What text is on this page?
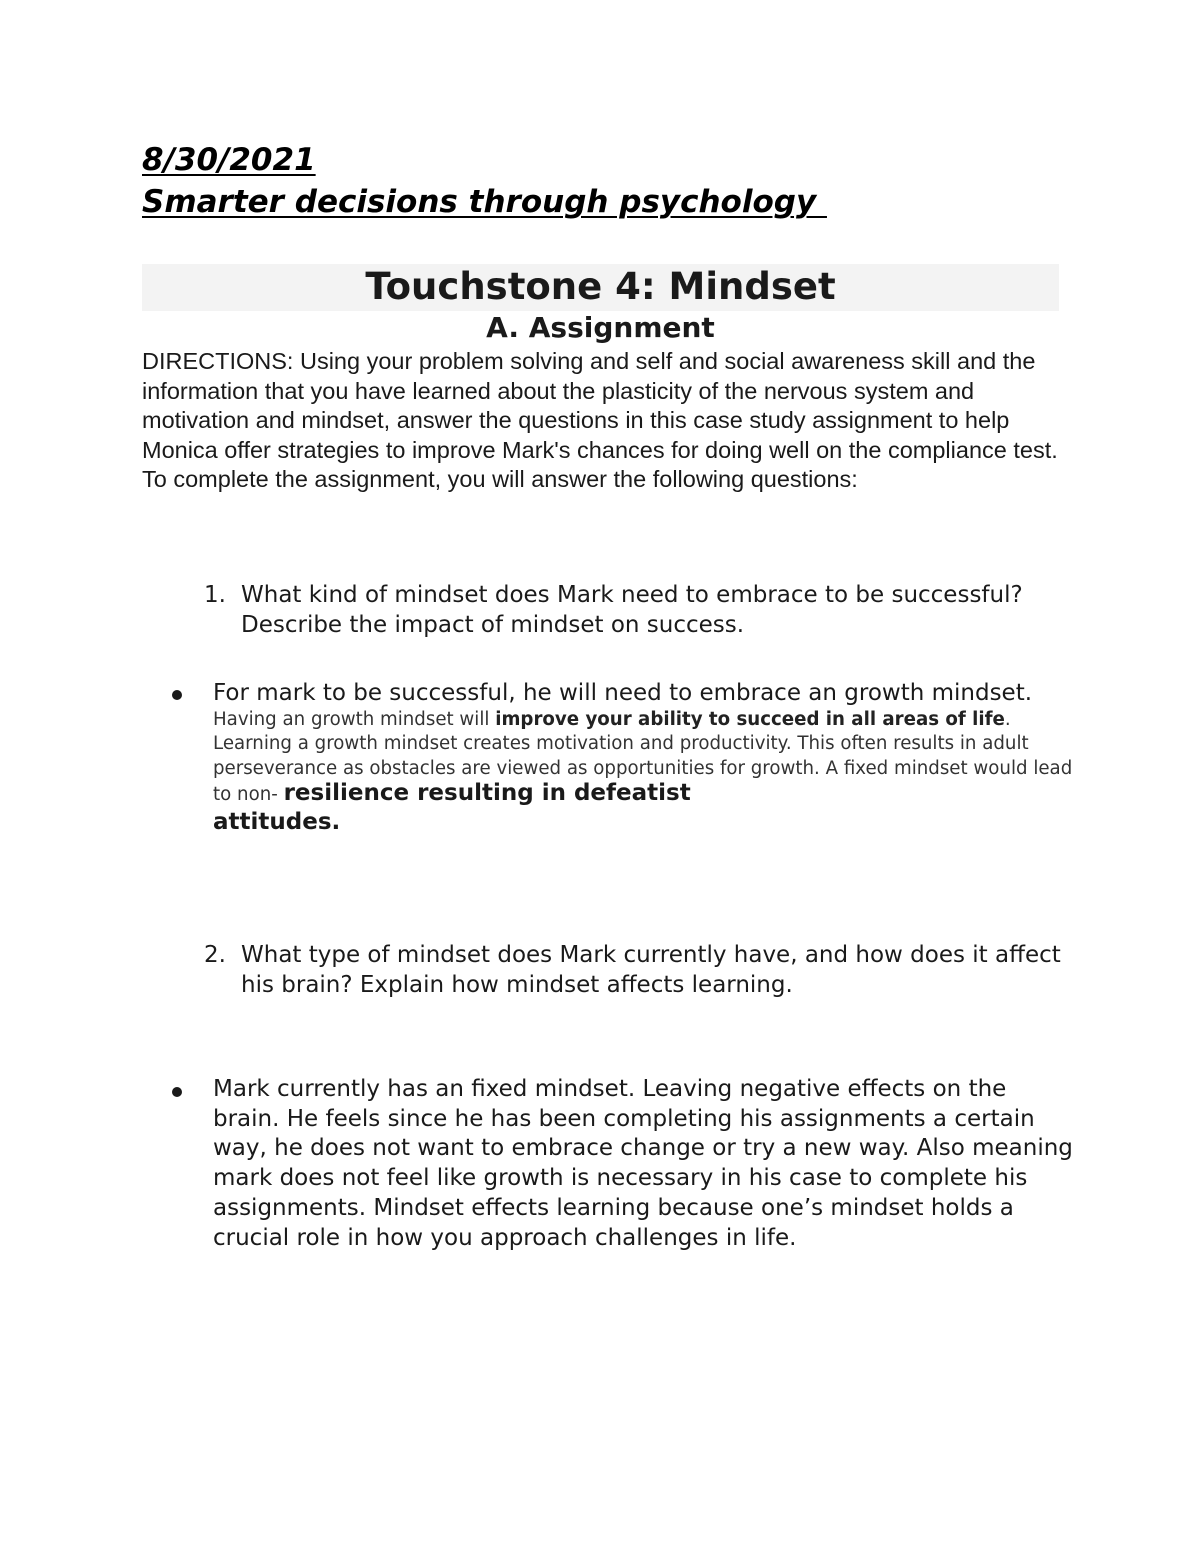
8/30/2021

Smarter decisions through psychology

Touchstone 4: Mindset
A. Assignment

DIRECTIONS: Using your problem solving and self and social awareness skill and the information that you have learned about the plasticity of the nervous system and motivation and mindset, answer the questions in this case study assignment to help Monica offer strategies to improve Mark's chances for doing well on the compliance test. To complete the assignment, you will answer the following questions:

1. What kind of mindset does Mark need to embrace to be successful? Describe the impact of mindset on success.

For mark to be successful, he will need to embrace an growth mindset.
Having an growth mindset will improve your ability to succeed in all areas of life. Learning a growth mindset creates motivation and productivity. This often results in adult perseverance as obstacles are viewed as opportunities for growth. A fixed mindset would lead to non- resilience resulting in defeatist
attitudes.
2. What type of mindset does Mark currently have, and how does it affect his brain? Explain how mindset affects learning.

Mark currently has an fixed mindset. Leaving negative effects on the brain. He feels since he has been completing his assignments a certain way, he does not want to embrace change or try a new way. Also meaning mark does not feel like growth is necessary in his case to complete his assignments. Mindset effects learning because one’s mindset holds a crucial role in how you approach challenges in life.
